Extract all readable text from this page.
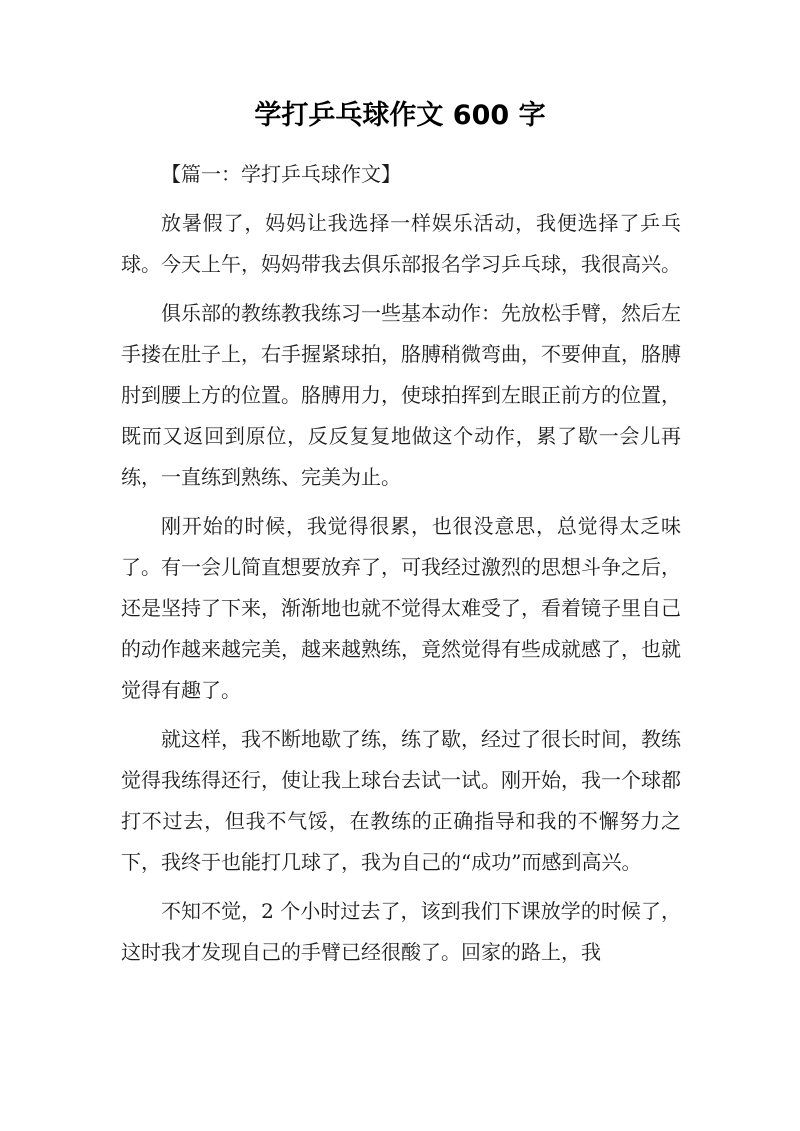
学打乒乓球作文 600 字

【篇一：学打乒乓球作文】

放暑假了，妈妈让我选择一样娱乐活动，我便选择了乒乓球。今天上午，妈妈带我去俱乐部报名学习乒乓球，我很高兴。

俱乐部的教练教我练习一些基本动作：先放松手臂，然后左手搂在肚子上，右手握紧球拍，胳膊稍微弯曲，不要伸直，胳膊肘到腰上方的位置。胳膊用力，使球拍挥到左眼正前方的位置，既而又返回到原位，反反复复地做这个动作，累了歇一会儿再练，一直练到熟练、完美为止。

刚开始的时候，我觉得很累，也很没意思，总觉得太乏味了。有一会儿简直想要放弃了，可我经过激烈的思想斗争之后，还是坚持了下来，渐渐地也就不觉得太难受了，看着镜子里自己的动作越来越完美，越来越熟练，竟然觉得有些成就感了，也就觉得有趣了。

就这样，我不断地歇了练，练了歇，经过了很长时间，教练觉得我练得还行，使让我上球台去试一试。刚开始，我一个球都打不过去，但我不气馁，在教练的正确指导和我的不懈努力之下，我终于也能打几球了，我为自己的“成功”而感到高兴。

不知不觉，2 个小时过去了，该到我们下课放学的时候了，这时我才发现自己的手臂已经很酸了。回家的路上，我
